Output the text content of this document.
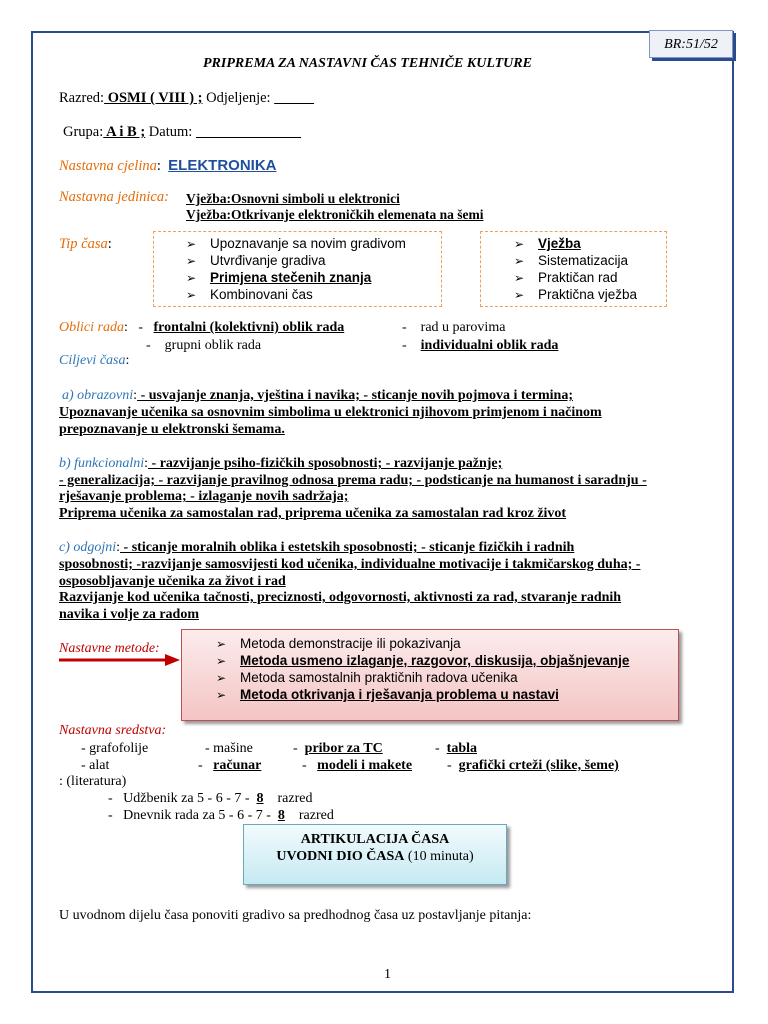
BR:51/52
PRIPREMA ZA NASTAVNI ČAS TEHNIČE KULTURE
Razred: OSMI ( VIII ) ; Odjeljenje:
Grupa: A i B ; Datum:
Nastavna cjelina:  ELEKTRONIKA
Nastavna jedinica: Vježba:Osnovni simboli u elektronici
Vježba:Otkrivanje elektroničkih elemenata na šemi
Tip časa:	➢ Upoznavanje sa novim gradivom
➢ Utvrđivanje gradiva
➢ Primjena stečenih znanja
➢ Kombinovani čas
➢ Vježba
➢ Sistematizacija
➢ Praktičan rad
➢ Praktična vježba
Oblici rada:   -   frontalni (kolektivni) oblik rada	-    rad u parovima
-    grupni oblik rada	-    individualni oblik rada
Ciljevi časa:
a) obrazovni: - usvajanje znanja, vještina i navika; - sticanje novih pojmova i termina;
Upoznavanje učenika sa osnovnim simbolima u elektronici njihovom primjenom i načinom
prepoznavanje u elektronski šemama.
b) funkcionalni: - razvijanje psiho-fizičkih sposobnosti; - razvijanje pažnje;
- generalizacija; - razvijanje pravilnog odnosa prema radu; - podsticanje na humanost i saradnju -
rješavanje problema; - izlaganje novih sadržaja;
Priprema učenika za samostalan rad, priprema učenika za samostalan rad kroz život
c) odgojni: - sticanje moralnih oblika i estetskih sposobnosti; - sticanje fizičkih i radnih
sposobnosti; -razvijanje samosvijesti kod učenika, individualne motivacije i takmičarskog duha; -
osposobljavanje učenika za život i rad
Razvijanje kod učenika tačnosti, preciznosti, odgovornosti, aktivnosti za rad, stvaranje radnih
navika i volje za radom
Nastavne metode:	➢ Metoda demonstracije ili pokazivanja
➢ Metoda usmeno izlaganje, razgovor, diskusija, objašnjevanje
➢ Metoda samostalnih praktičnih radova učenika
➢ Metoda otkrivanja i rješavanja problema u nastavi
Nastavna sredstva:
- grafofolije	- mašine	-  pribor za TC	-  tabla
- alat	-   računar	-   modeli i makete -  grafički crteži (slike, šeme)
: (literatura)
-   Udžbenik za 5 - 6 - 7 -  8 razred
-   Dnevnik rada za 5 - 6 - 7 -  8 razred
ARTIKULACIJA ČASA
UVODNI DIO ČASA (10 minuta)
U uvodnom dijelu časa ponoviti gradivo sa predhodnog časa uz postavljanje pitanja:
1
